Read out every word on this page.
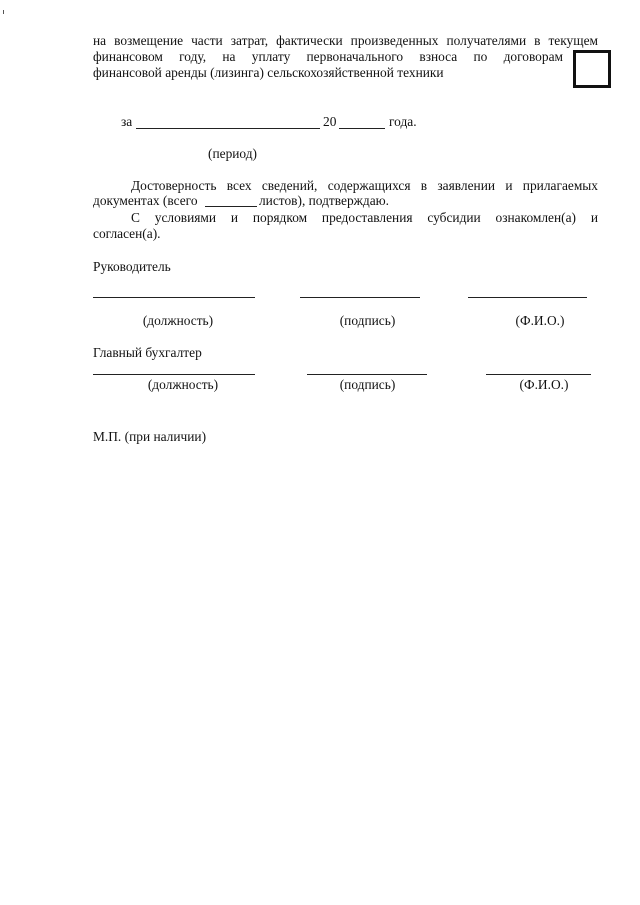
на возмещение части затрат, фактически произведенных получателями в текущем
финансовом году, на уплату первоначального взноса по договорам
финансовой аренды (лизинга) сельскохозяйственной техники
за	20	года.
(период)
Достоверность всех сведений, содержащихся в заявлении и прилагаемых
документах (всего	листов), подтверждаю.
С условиями и порядком предоставления субсидии ознакомлен(а) и
согласен(а).
Руководитель
(должность)	(подпись)	(Ф.И.О.)
Главный бухгалтер
(должность)	(подпись)	(Ф.И.О.)
М.П. (при наличии)
